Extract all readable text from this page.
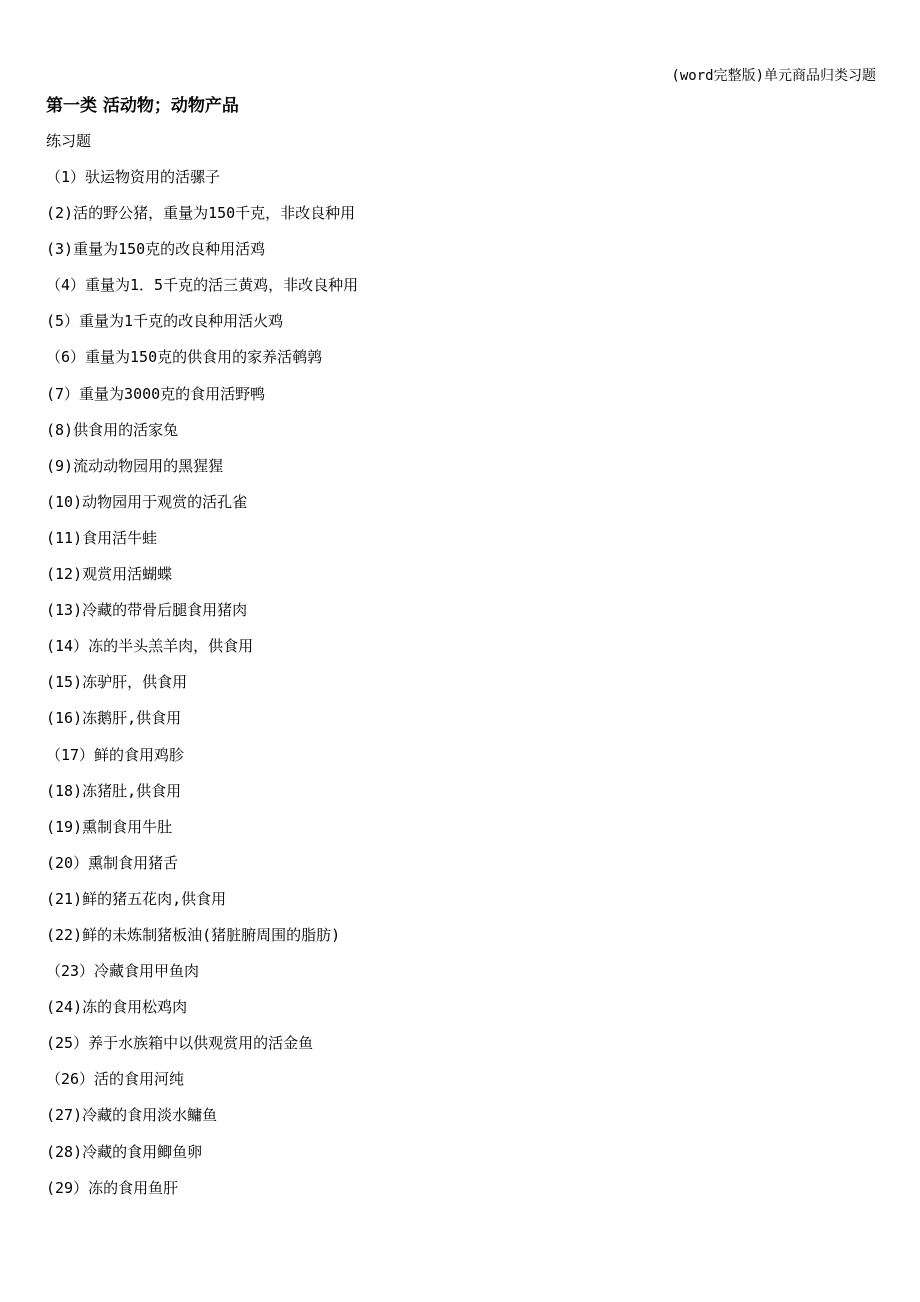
(word完整版)单元商品归类习题
第一类 活动物；动物产品
练习题
（1）驮运物资用的活骡子
(2)活的野公猪，重量为150千克，非改良种用
(3)重量为150克的改良种用活鸡
（4）重量为1．5千克的活三黄鸡，非改良种用
(5）重量为1千克的改良种用活火鸡
（6）重量为150克的供食用的家养活鹌鹑
(7）重量为3000克的食用活野鸭
(8)供食用的活家兔
(9)流动动物园用的黑猩猩
(10)动物园用于观赏的活孔雀
(11)食用活牛蛙
(12)观赏用活蝴蝶
(13)冷藏的带骨后腿食用猪肉
(14）冻的半头羔羊肉，供食用
(15)冻驴肝，供食用
(16)冻鹅肝,供食用
（17）鲜的食用鸡胗
(18)冻猪肚,供食用
(19)熏制食用牛肚
(20）熏制食用猪舌
(21)鲜的猪五花肉,供食用
(22)鲜的未炼制猪板油(猪脏腑周围的脂肪)
（23）冷藏食用甲鱼肉
(24)冻的食用松鸡肉
(25）养于水族箱中以供观赏用的活金鱼
（26）活的食用河纯
(27)冷藏的食用淡水鳙鱼
(28)冷藏的食用鲫鱼卵
(29）冻的食用鱼肝
